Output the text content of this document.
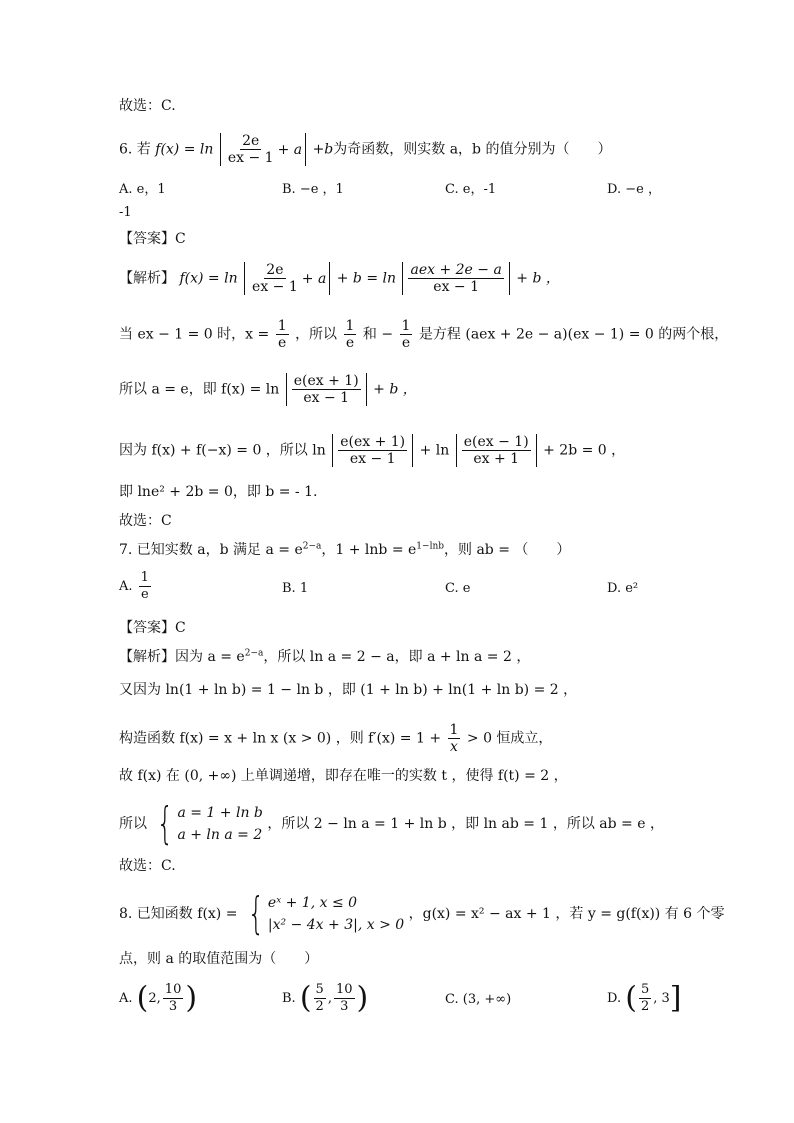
故选：C.
6. 若 $f(x) = \ln \frac{2e}{ex - 1} + a +b$为奇函数，则实数 a，b 的值分别为（　　）
A. e，1	B. −e ，1	C. e，-1	D. −e ，
-1
【答案】C
【解析】 $f(x) = \ln \frac{2e}{ex - 1} + a + b = \ln \frac{\text{aex + 2e − a}}{ex - 1} + b$ ，
当 ex − 1 = 0 时，$x = \frac{1}{e}$ ，所以 $\frac{1}{e}$ 和 − $\frac{1}{e}$ 是方程 (aex + 2e − a)(ex − 1) = 0 的两个根，
所以 a = e，即 $f(x) = \ln \frac{e(ex + 1)}{ex - 1} + b$ ，
因为 f(x) + f(−x) = 0 ，所以 $\ln \frac{e(ex + 1)}{ex - 1} + \ln \frac{e(ex - 1)}{ex + 1} + 2b = 0$ ，
即 lne² + 2b = 0，即 b = - 1.
故选：C
7. 已知实数 a，b 满足 $a = e^{2-a}$，$1 + \ln b = e^{1-lnb}$，则 ab = （　　）
A. $\frac{1}{e}$	B. 1	C. e	D. e²
【答案】C
【解析】因为 $a = e^{2-a}$，所以 ln a = 2 − a，即 a + ln a = 2 ，
又因为 ln(1 + ln b) = 1 − ln b ，即 (1 + ln b) + ln(1 + ln b) = 2 ，
构造函数 f(x) = x + ln x (x > 0) ，则 $f'(x) = 1 + \frac{1}{x} > 0$ 恒成立，
故 f(x) 在 (0, +∞) 上单调递增，即存在唯一的实数 t ，使得 f(t) = 2 ，
所以 { a = 1 + ln b
a + ln a = 2
，所以 2 − ln a = 1 + ln b ，即 ln ab = 1 ，所以 ab = e ，
故选：C.
8. 已知函数 f(x) = { eˣ + 1, x ≤ 0
|x² − 4x + 3|, x > 0
，g(x) = x² − ax + 1 ，若 y = g(f(x)) 有 6 个零
点，则 a 的取值范围为（　　）
A. (2, $\frac{10}{3}$ )	B. ( $\frac{5}{2}$ , $\frac{10}{3}$ )	C. (3, +∞)	D. ( $\frac{5}{2}$ , 3]
